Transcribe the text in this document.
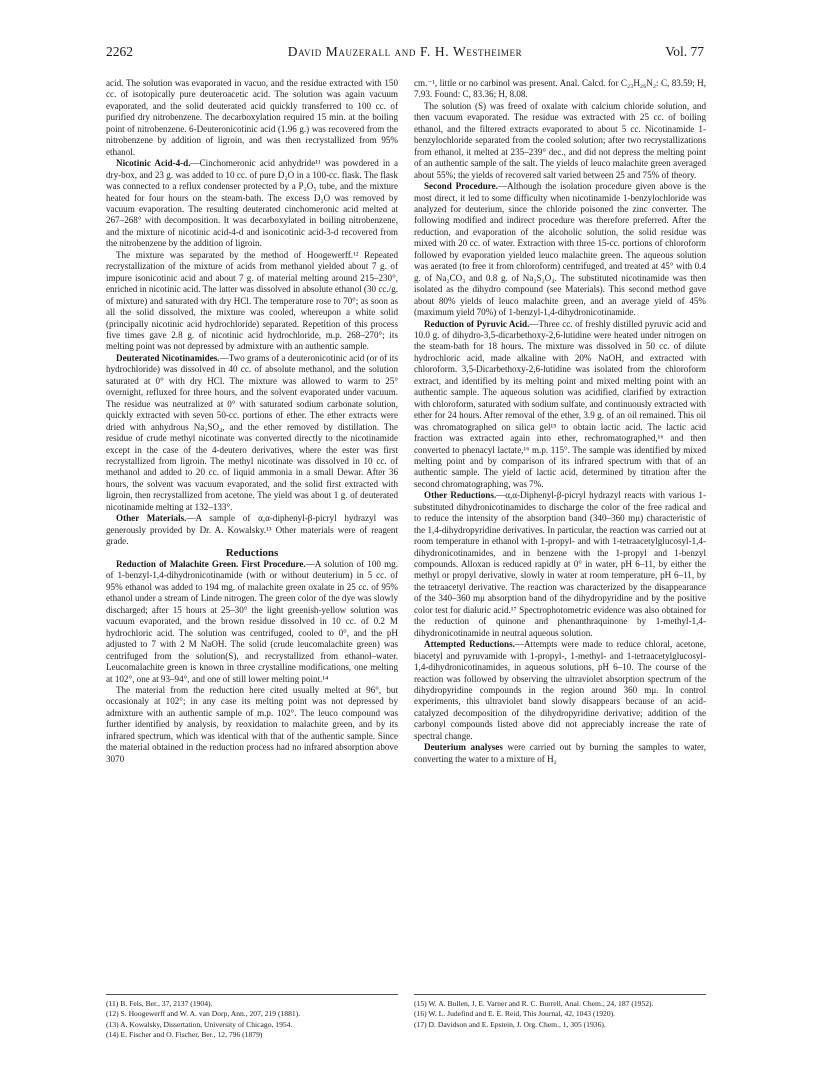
2262	David Mauzerall and F. H. Westheimer	Vol. 77

acid. The solution was evaporated in vacuo, and the residue extracted with 150 cc. of isotopically pure deuteroacetic acid. The solution was again vacuum evaporated, and the solid deuterated acid quickly transferred to 100 cc. of purified dry nitrobenzene. The decarboxylation required 15 min. at the boiling point of nitrobenzene. 6-Deuteronicotinic acid (1.96 g.) was recovered from the nitrobenzene by addition of ligroin, and was then recrystallized from 95% ethanol.

Nicotinic Acid-4-d.—Cinchomeronic acid anhydride¹¹ was powdered in a dry-box, and 23 g. was added to 10 cc. of pure D₂O in a 100-cc. flask. The flask was connected to a reflux condenser protected by a P₂O₅ tube, and the mixture heated for four hours on the steam-bath. The excess D₂O was removed by vacuum evaporation. The resulting deuterated cinchomeronic acid melted at 267–268° with decomposition. It was decarboxylated in boiling nitrobenzene, and the mixture of nicotinic acid-4-d and isonicotinic acid-3-d recovered from the nitrobenzene by the addition of ligroin.

The mixture was separated by the method of Hoogewerff.¹² Repeated recrystallization of the mixture of acids from methanol yielded about 7 g. of impure isonicotinic acid and about 7 g. of material melting around 215–230°, enriched in nicotinic acid. The latter was dissolved in absolute ethanol (30 cc./g. of mixture) and saturated with dry HCl. The temperature rose to 70°; as soon as all the solid dissolved, the mixture was cooled, whereupon a white solid (principally nicotinic acid hydrochloride) separated. Repetition of this process five times gave 2.8 g. of nicotinic acid hydrochloride, m.p. 268–270°; its melting point was not depressed by admixture with an authentic sample.

Deuterated Nicotinamides.—Two grams of a deuteronicotinic acid (or of its hydrochloride) was dissolved in 40 cc. of absolute methanol, and the solution saturated at 0° with dry HCl. The mixture was allowed to warm to 25° overnight, refluxed for three hours, and the solvent evaporated under vacuum. The residue was neutralized at 0° with saturated sodium carbonate solution, quickly extracted with seven 50-cc. portions of ether. The ether extracts were dried with anhydrous Na₂SO₄, and the ether removed by distillation. The residue of crude methyl nicotinate was converted directly to the nicotinamide except in the case of the 4-deutero derivatives, where the ester was first recrystallized from ligroin. The methyl nicotinate was dissolved in 10 cc. of methanol and added to 20 cc. of liquid ammonia in a small Dewar. After 36 hours, the solvent was vacuum evaporated, and the solid first extracted with ligroin, then recrystallized from acetone. The yield was about 1 g. of deuterated nicotinamide melting at 132–133°.

Other Materials.—A sample of α,α-diphenyl-β-picryl hydrazyl was generously provided by Dr. A. Kowalsky.¹³ Other materials were of reagent grade.

Reductions

Reduction of Malachite Green. First Procedure.—A solution of 100 mg. of 1-benzyl-1,4-dihydronicotinamide (with or without deuterium) in 5 cc. of 95% ethanol was added to 194 mg. of malachite green oxalate in 25 cc. of 95% ethanol under a stream of Linde nitrogen. The green color of the dye was slowly discharged; after 15 hours at 25–30° the light greenish-yellow solution was vacuum evaporated, and the brown residue dissolved in 10 cc. of 0.2 M hydrochloric acid. The solution was centrifuged, cooled to 0°, and the pH adjusted to 7 with 2 M NaOH. The solid (crude leucomalachite green) was centrifuged from the solution(S), and recrystallized from ethanol–water. Leucomalachite green is known in three crystalline modifications, one melting at 102°, one at 93–94°, and one of still lower melting point.¹⁴

The material from the reduction here cited usually melted at 96°, but occasionaly at 102°; in any case its melting point was not depressed by admixture with an authentic sample of m.p. 102°. The leuco compound was further identified by analysis, by reoxidation to malachite green, and by its infrared spectrum, which was identical with that of the authentic sample. Since the material obtained in the reduction process had no infrared absorption above 3070

cm.⁻¹, little or no carbinol was present. Anal. Calcd. for C₂₃H₂₆N₂: C, 83.59; H, 7.93. Found: C, 83.36; H, 8.08.

The solution (S) was freed of oxalate with calcium chloride solution, and then vacuum evaporated. The residue was extracted with 25 cc. of boiling ethanol, and the filtered extracts evaporated to about 5 cc. Nicotinamide 1-benzylochloride separated from the cooled solution; after two recrystallizations from ethanol, it melted at 235–239° dec., and did not depress the melting point of an authentic sample of the salt. The yields of leuco malachite green averaged about 55%; the yields of recovered salt varied between 25 and 75% of theory.

Second Procedure.—Although the isolation procedure given above is the most direct, it led to some difficulty when nicotinamide 1-benzylochloride was analyzed for deuterium, since the chloride poisoned the zinc converter. The following modified and indirect procedure was therefore preferred. After the reduction, and evaporation of the alcoholic solution, the solid residue was mixed with 20 cc. of water. Extraction with three 15-cc. portions of chloroform followed by evaporation yielded leuco malachite green. The aqueous solution was aerated (to free it from chloroform) centrifuged, and treated at 45° with 0.4 g. of Na₂CO₃ and 0.8 g. of Na₂S₂O₄. The substituted nicotinamide was then isolated as the dihydro compound (see Materials). This second method gave about 80% yields of leuco malachite green, and an average yield of 45% (maximum yield 70%) of 1-benzyl-1,4-dihydronicotinamide.

Reduction of Pyruvic Acid.—Three cc. of freshly distilled pyruvic acid and 10.0 g. of dihydro-3,5-dicarbethoxy-2,6-lutidine were heated under nitrogen on the steam-bath for 18 hours. The mixture was dissolved in 50 cc. of dilute hydrochloric acid, made alkaline with 20% NaOH, and extracted with chloroform. 3,5-Dicarbethoxy-2,6-lutidine was isolated from the chloroform extract, and identified by its melting point and mixed melting point with an authentic sample. The aqueous solution was acidified, clarified by extraction with chloroform, saturated with sodium sulfate, and continuously extracted with ether for 24 hours. After removal of the ether, 3.9 g. of an oil remained. This oil was chromatographed on silica gel¹⁵ to obtain lactic acid. The lactic acid fraction was extracted again into ether, rechromatographed,¹⁶ and then converted to phenacyl lactate,¹⁶ m.p. 115°. The sample was identified by mixed melting point and by comparison of its infrared spectrum with that of an authentic sample. The yield of lactic acid, determined by titration after the second chromatographing, was 7%.

Other Reductions.—α,α-Diphenyl-β-picryl hydrazyl reacts with various 1-substituted dihydronicotinamides to discharge the color of the free radical and to reduce the intensity of the absorption band (340–360 mμ) characteristic of the 1,4-dihydropyridine derivatives. In particular, the reaction was carried out at room temperature in ethanol with 1-propyl- and with 1-tetraacetylglucosyl-1,4-dihydronicotinamides, and in benzene with the 1-propyl and 1-benzyl compounds. Alloxan is reduced rapidly at 0° in water, pH 6–11, by either the methyl or propyl derivative, slowly in water at room temperature, pH 6–11, by the tetraacetyl derivative. The reaction was characterized by the disappearance of the 340–360 mμ absorption band of the dihydropyridine and by the positive color test for dialuric acid.¹⁷ Spectrophotometric evidence was also obtained for the reduction of quinone and phenanthraquinone by 1-methyl-1,4-dihydronicotinamide in neutral aqueous solution.

Attempted Reductions.—Attempts were made to reduce chloral, acetone, biacetyl and pyruvamide with 1-propyl-, 1-methyl- and 1-tetraacetylglucosyl-1,4-dihydronicotinamides, in aqueous solutions, pH 6–10. The course of the reaction was followed by observing the ultraviolet absorption spectrum of the dihydropyridine compounds in the region around 360 mμ. In control experiments, this ultraviolet band slowly disappears because of an acid-catalyzed decomposition of the dihydropyridine derivative; addition of the carbonyl compounds listed above did not appreciably increase the rate of spectral change.

Deuterium analyses were carried out by burning the samples to water, converting the water to a mixture of H₂

(11) B. Fels, Ber., 37, 2137 (1904).

(12) S. Hoogewerff and W. A. van Dorp, Ann., 207, 219 (1881).

(13) A. Kowalsky, Dissertation, University of Chicago, 1954.

(14) E. Fischer and O. Fischer, Ber., 12, 796 (1879)

(15) W. A. Bullen, J. E. Varner and R. C. Burrell, Anal. Chem., 24, 187 (1952).

(16) W. L. Judefind and E. E. Reid, This Journal, 42, 1043 (1920).

(17) D. Davidson and E. Epstein, J. Org. Chem., 1, 305 (1936).
